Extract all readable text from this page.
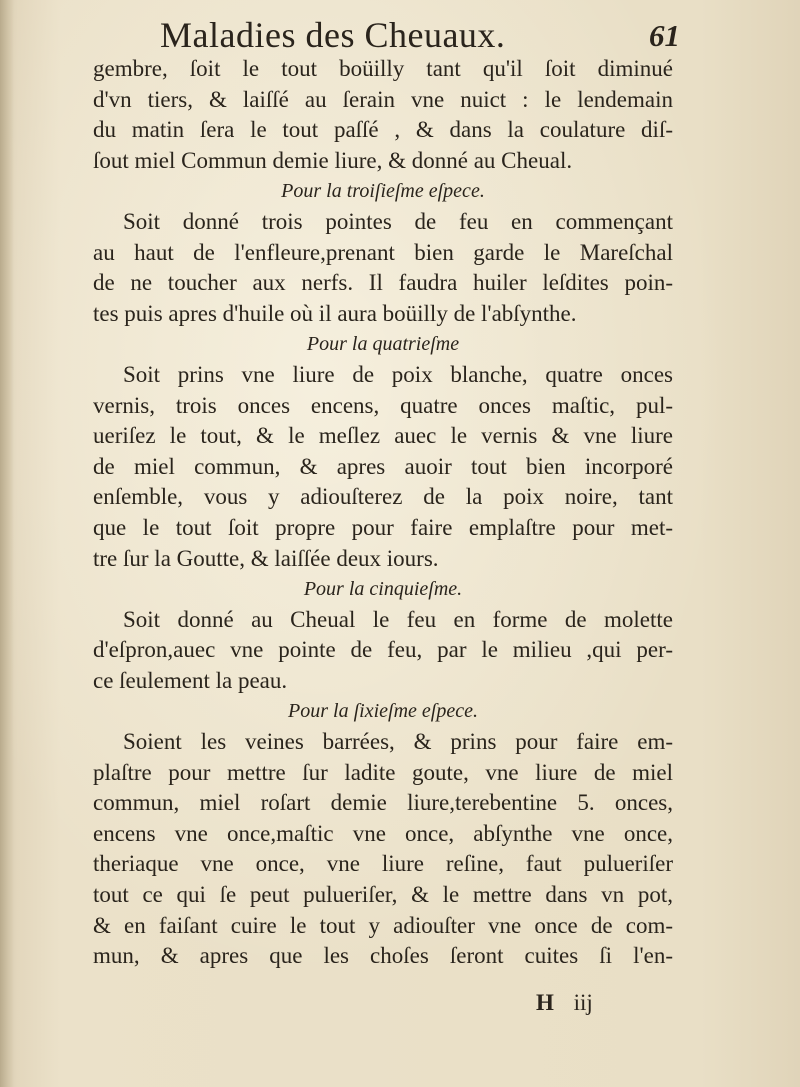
Maladies des Cheuaux.	61
gembre, ſoit le tout boüilly tant qu'il ſoit diminué
d'vn tiers, & laiſſé au ſerain vne nuict : le lendemain
du matin ſera le tout paſſé , & dans la coulature diſ-
ſout miel Commun demie liure, & donné au Cheual.
Pour la troiſieſme eſpece.
Soit donné trois pointes de feu en commençant
au haut de l'enfleure,prenant bien garde le Mareſchal
de ne toucher aux nerfs. Il faudra huiler leſdites poin-
tes puis apres d'huile où il aura boüilly de l'abſynthe.
Pour la quatrieſme
Soit prins vne liure de poix blanche, quatre onces
vernis, trois onces encens, quatre onces maſtic, pul-
ueriſez le tout, & le meſlez auec le vernis & vne liure
de miel commun, & apres auoir tout bien incorporé
enſemble, vous y adiouſterez de la poix noire, tant
que le tout ſoit propre pour faire emplaſtre pour met-
tre ſur la Goutte, & laiſſée deux iours.
Pour la cinquieſme.
Soit donné au Cheual le feu en forme de molette
d'eſpron,auec vne pointe de feu, par le milieu ,qui per-
ce ſeulement la peau.
Pour la ſixieſme eſpece.
Soient les veines barrées, & prins pour faire em-
plaſtre pour mettre ſur ladite goute, vne liure de miel
commun, miel roſart demie liure,terebentine 5. onces,
encens vne once,maſtic vne once, abſynthe vne once,
theriaque vne once, vne liure reſine, faut pulueriſer
tout ce qui ſe peut pulueriſer, & le mettre dans vn pot,
& en faiſant cuire le tout y adiouſter vne once de com-
mun, & apres que les choſes ſeront cuites ſi l'en-
H iij
